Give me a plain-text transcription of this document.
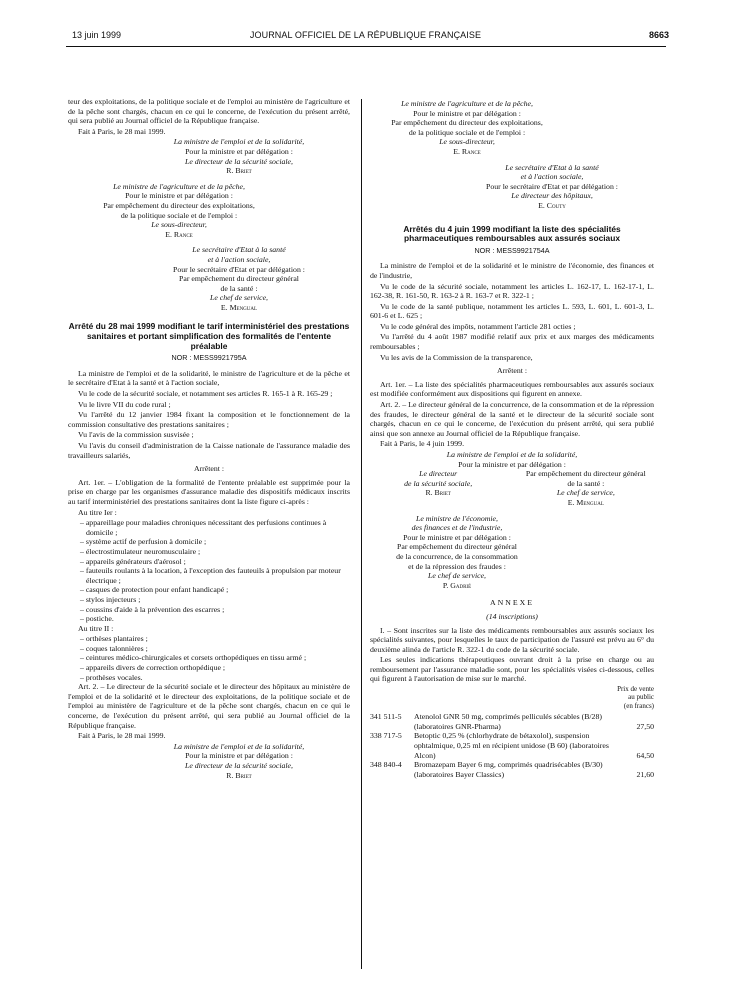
13 juin 1999	JOURNAL OFFICIEL DE LA RÉPUBLIQUE FRANÇAISE	8663

teur des exploitations, de la politique sociale et de l'emploi au ministère de l'agriculture et de la pêche sont chargés, chacun en ce qui le concerne, de l'exécution du présent arrêté, qui sera publié au Journal officiel de la République française.

Fait à Paris, le 28 mai 1999.

La ministre de l'emploi et de la solidarité,
Pour la ministre et par délégation :
Le directeur de la sécurité sociale,
R. Briet
Le ministre de l'agriculture et de la pêche,
Pour le ministre et par délégation :
Par empêchement du directeur des exploitations,
de la politique sociale et de l'emploi :
Le sous-directeur,
E. Rance
Le secrétaire d'Etat à la santé
et à l'action sociale,
Pour le secrétaire d'Etat et par délégation :
Par empêchement du directeur général
de la santé :
Le chef de service,
E. Mengual
Arrêté du 28 mai 1999 modifiant le tarif interministériel des prestations sanitaires et portant simplification des formalités de l'entente préalable
NOR : MESS9921795A

La ministre de l'emploi et de la solidarité, le ministre de l'agriculture et de la pêche et le secrétaire d'Etat à la santé et à l'action sociale,

Vu le code de la sécurité sociale, et notamment ses articles R. 165-1 à R. 165-29 ;

Vu le livre VII du code rural ;

Vu l'arrêté du 12 janvier 1984 fixant la composition et le fonctionnement de la commission consultative des prestations sanitaires ;

Vu l'avis de la commission susvisée ;

Vu l'avis du conseil d'administration de la Caisse nationale de l'assurance maladie des travailleurs salariés,

Arrêtent :

Art. 1er. – L'obligation de la formalité de l'entente préalable est supprimée pour la prise en charge par les organismes d'assurance maladie des dispositifs médicaux inscrits au tarif interministériel des prestations sanitaires dont la liste figure ci-après :

Au titre Ier :

– appareillage pour maladies chroniques nécessitant des perfusions continues à domicile ;
– système actif de perfusion à domicile ;
– électrostimulateur neuromusculaire ;
– appareils générateurs d'aérosol ;
– fauteuils roulants à la location, à l'exception des fauteuils à propulsion par moteur électrique ;
– casques de protection pour enfant handicapé ;
– stylos injecteurs ;
– coussins d'aide à la prévention des escarres ;
– postiche.

Au titre II :

– orthèses plantaires ;
– coques talonnières ;
– ceintures médico-chirurgicales et corsets orthopédiques en tissu armé ;
– appareils divers de correction orthopédique ;
– prothèses vocales.

Art. 2. – Le directeur de la sécurité sociale et le directeur des hôpitaux au ministère de l'emploi et de la solidarité et le directeur des exploitations, de la politique sociale et de l'emploi au ministère de l'agriculture et de la pêche sont chargés, chacun en ce qui le concerne, de l'exécution du présent arrêté, qui sera publié au Journal officiel de la République française.

Fait à Paris, le 28 mai 1999.

La ministre de l'emploi et de la solidarité,
Pour la ministre et par délégation :
Le directeur de la sécurité sociale,
R. Briet
Le ministre de l'agriculture et de la pêche,
Pour le ministre et par délégation :
Par empêchement du directeur des exploitations,
de la politique sociale et de l'emploi :
Le sous-directeur,
E. Rance
Le secrétaire d'Etat à la santé
et à l'action sociale,
Pour le secrétaire d'Etat et par délégation :
Le directeur des hôpitaux,
E. Couty
Arrêtés du 4 juin 1999 modifiant la liste des spécialités pharmaceutiques remboursables aux assurés sociaux
NOR : MESS9921754A

La ministre de l'emploi et de la solidarité et le ministre de l'économie, des finances et de l'industrie,

Vu le code de la sécurité sociale, notamment les articles L. 162-17, L. 162-17-1, L. 162-38, R. 161-50, R. 163-2 à R. 163-7 et R. 322-1 ;

Vu le code de la santé publique, notamment les articles L. 593, L. 601, L. 601-3, L. 601-6 et L. 625 ;

Vu le code général des impôts, notamment l'article 281 octies ;

Vu l'arrêté du 4 août 1987 modifié relatif aux prix et aux marges des médicaments remboursables ;

Vu les avis de la Commission de la transparence,

Arrêtent :

Art. 1er. – La liste des spécialités pharmaceutiques remboursables aux assurés sociaux est modifiée conformément aux dispositions qui figurent en annexe.

Art. 2. – Le directeur général de la concurrence, de la consommation et de la répression des fraudes, le directeur général de la santé et le directeur de la sécurité sociale sont chargés, chacun en ce qui le concerne, de l'exécution du présent arrêté, qui sera publié ainsi que son annexe au Journal officiel de la République française.

Fait à Paris, le 4 juin 1999.

La ministre de l'emploi et de la solidarité,
Pour la ministre et par délégation :
Le directeur
de la sécurité sociale,
R. Briet
Par empêchement du directeur général
de la santé :
Le chef de service,
E. Mengual
Le ministre de l'économie,
des finances et de l'industrie,
Pour le ministre et par délégation :
Par empêchement du directeur général
de la concurrence, de la consommation
et de la répression des fraudes :
Le chef de service,
P. Gadrié
ANNEXE
(14 inscriptions)

I. – Sont inscrites sur la liste des médicaments remboursables aux assurés sociaux les spécialités suivantes, pour lesquelles le taux de participation de l'assuré est prévu au 6° du deuxième alinéa de l'article R. 322-1 du code de la sécurité sociale.

Les seules indications thérapeutiques ouvrant droit à la prise en charge ou au remboursement par l'assurance maladie sont, pour les spécialités visées ci-dessous, celles qui figurent à l'autorisation de mise sur le marché.

Prix de vente
au public
(en francs)
341 511-5	Atenolol GNR 50 mg, comprimés pelliculés sécables (B/28) (laboratoires GNR-Pharma)	27,50
338 717-5	Betoptic 0,25 % (chlorhydrate de bétaxolol), suspension ophtalmique, 0,25 ml en récipient unidose (B 60) (laboratoires Alcon)	64,50
348 840-4	Bromazepam Bayer 6 mg, comprimés quadrisécables (B/30) (laboratoires Bayer Classics)	21,60
